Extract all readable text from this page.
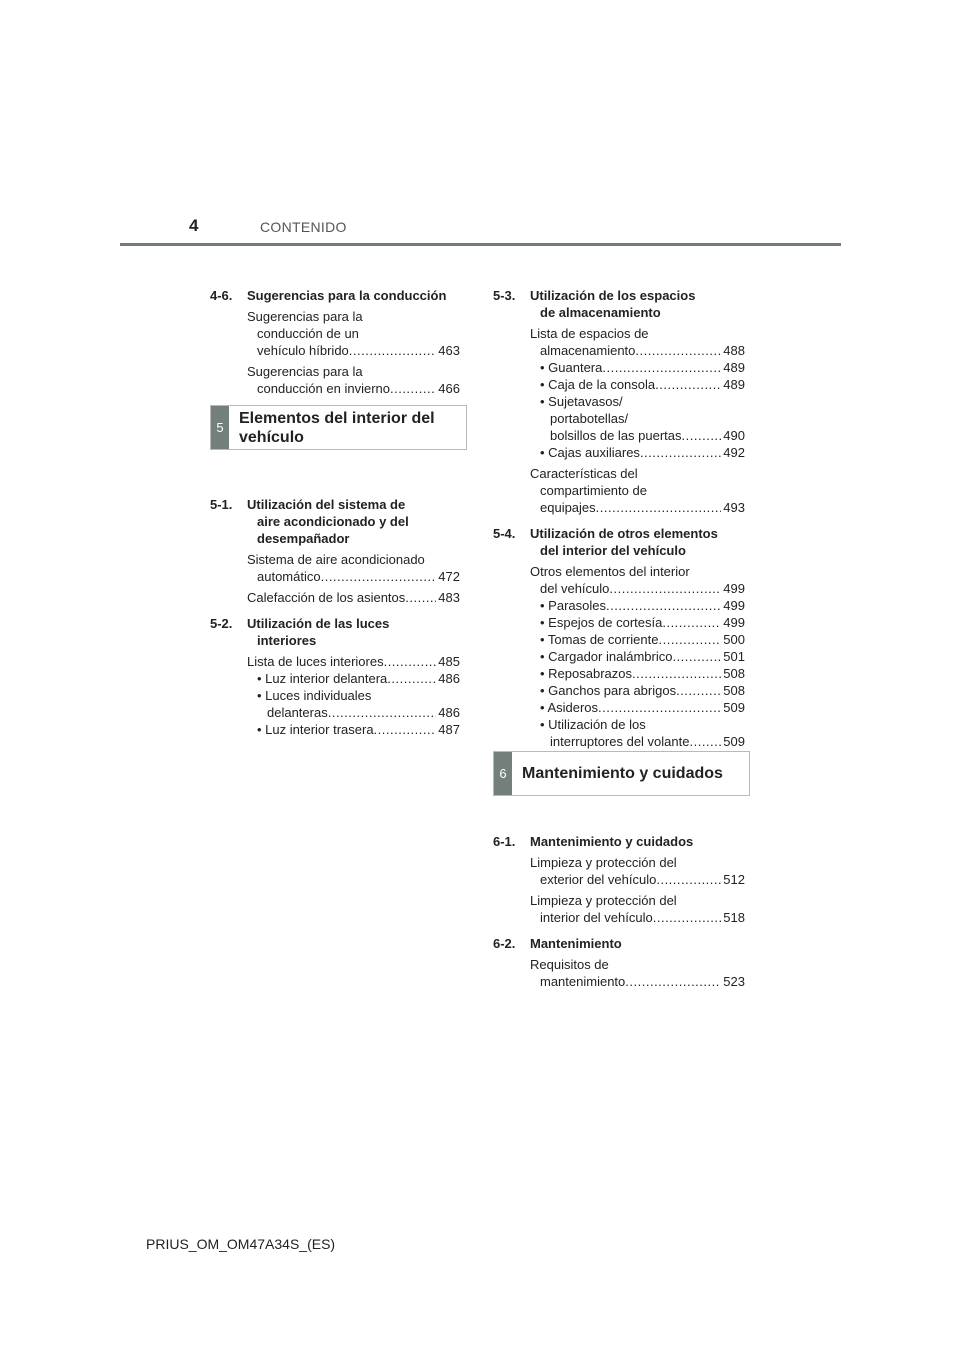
4	CONTENIDO
4-6.	Sugerencias para la conducción
Sugerencias para la
conducción de un
vehículo híbrido .....	463
Sugerencias para la
conducción en invierno .....	466
5-1.	Utilización del sistema de
aire acondicionado y del
desempañador
Sistema de aire acondicionado
automático .....	472
Calefacción de los asientos .....	483
5-2.	Utilización de las luces
interiores
Lista de luces interiores .....	485
• Luz interior delantera .....	486
• Luces individuales
delanteras .....	486
• Luz interior trasera .....	487
5
Elementos del interior del
vehículo
5-3.	Utilización de los espacios
de almacenamiento
Lista de espacios de
almacenamiento .....	488
• Guantera .....	489
• Caja de la consola .....	489
• Sujetavasos/
portabotellas/
bolsillos de las puertas .....	490
• Cajas auxiliares .....	492
Características del
compartimiento de
equipajes .....	493
5-4.	Utilización de otros elementos
del interior del vehículo
Otros elementos del interior
del vehículo .....	499
• Parasoles .....	499
• Espejos de cortesía .....	499
• Tomas de corriente .....	500
• Cargador inalámbrico .....	501
• Reposabrazos .....	508
• Ganchos para abrigos .....	508
• Asideros .....	509
• Utilización de los
interruptores del volante .....	509
6-1.	Mantenimiento y cuidados
Limpieza y protección del
exterior del vehículo .....	512
Limpieza y protección del
interior del vehículo .....	518
6-2.	Mantenimiento
Requisitos de
mantenimiento .....	523
6 Mantenimiento y cuidados
PRIUS_OM_OM47A34S_(ES)
